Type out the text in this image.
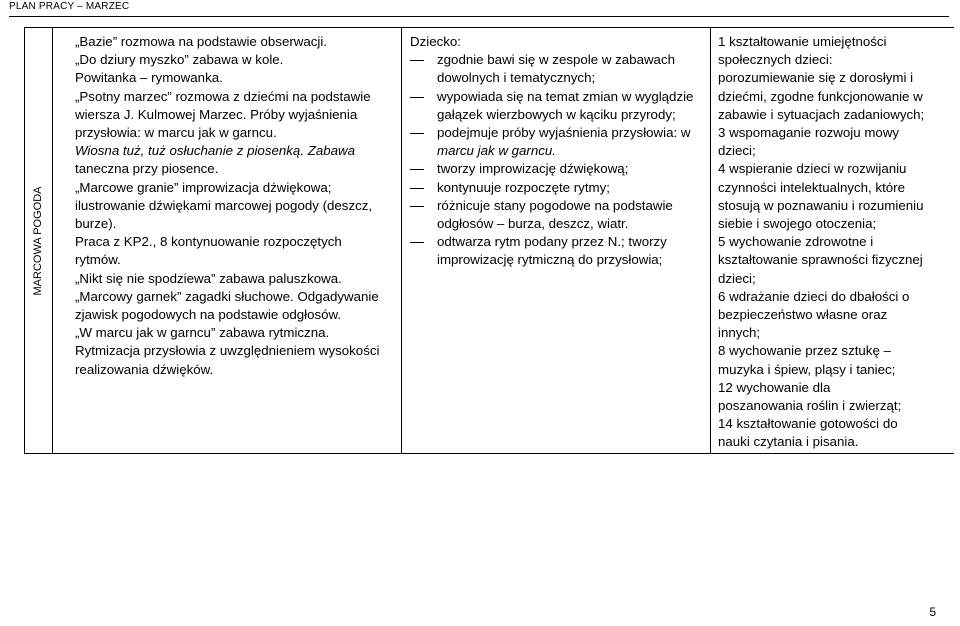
PLAN PRACY – MARZEC
MARCOWA POGODA
„Bazie” rozmowa na podstawie obserwacji.
„Do dziury myszko” zabawa w kole.
Powitanka – rymowanka.
„Psotny marzec” rozmowa z dziećmi na podstawie
wiersza J. Kulmowej Marzec. Próby wyjaśnienia
przysłowia: w marcu jak w garncu.
Wiosna tuż, tuż osłuchanie z piosenką. Zabawa
taneczna przy piosence.
„Marcowe granie” improwizacja dźwiękowa;
ilustrowanie dźwiękami marcowej pogody (deszcz,
burze).
Praca z KP2., 8 kontynuowanie rozpoczętych
rytmów.
„Nikt się nie spodziewa” zabawa paluszkowa.
„Marcowy garnek” zagadki słuchowe. Odgadywanie
zjawisk pogodowych na podstawie odgłosów.
„W marcu jak w garncu” zabawa rytmiczna.
Rytmizacja przysłowia z uwzględnieniem wysokości
realizowania dźwięków.
Dziecko:
zgodnie bawi się w zespole w zabawach
dowolnych i tematycznych;
wypowiada się na temat zmian w wyglądzie
gałązek wierzbowych w kąciku przyrody;
podejmuje próby wyjaśnienia przysłowia: w
marcu jak w garncu.
tworzy improwizację dźwiękową;
kontynuuje rozpoczęte rytmy;
różnicuje stany pogodowe na podstawie
odgłosów – burza, deszcz, wiatr.
odtwarza rytm podany przez N.; tworzy
improwizację rytmiczną do przysłowia;
1 kształtowanie umiejętności
społecznych dzieci:
porozumiewanie się z dorosłymi i
dziećmi, zgodne funkcjonowanie w
zabawie i sytuacjach zadaniowych;
3 wspomaganie rozwoju mowy
dzieci;
4 wspieranie dzieci w rozwijaniu
czynności intelektualnych, które
stosują w poznawaniu i rozumieniu
siebie i swojego otoczenia;
5 wychowanie zdrowotne i
kształtowanie sprawności fizycznej
dzieci;
6 wdrażanie dzieci do dbałości o
bezpieczeństwo własne oraz
innych;
8 wychowanie przez sztukę –
muzyka i śpiew, pląsy i taniec;
12 wychowanie dla
poszanowania roślin i zwierząt;
14 kształtowanie gotowości do
nauki czytania i pisania.
5
